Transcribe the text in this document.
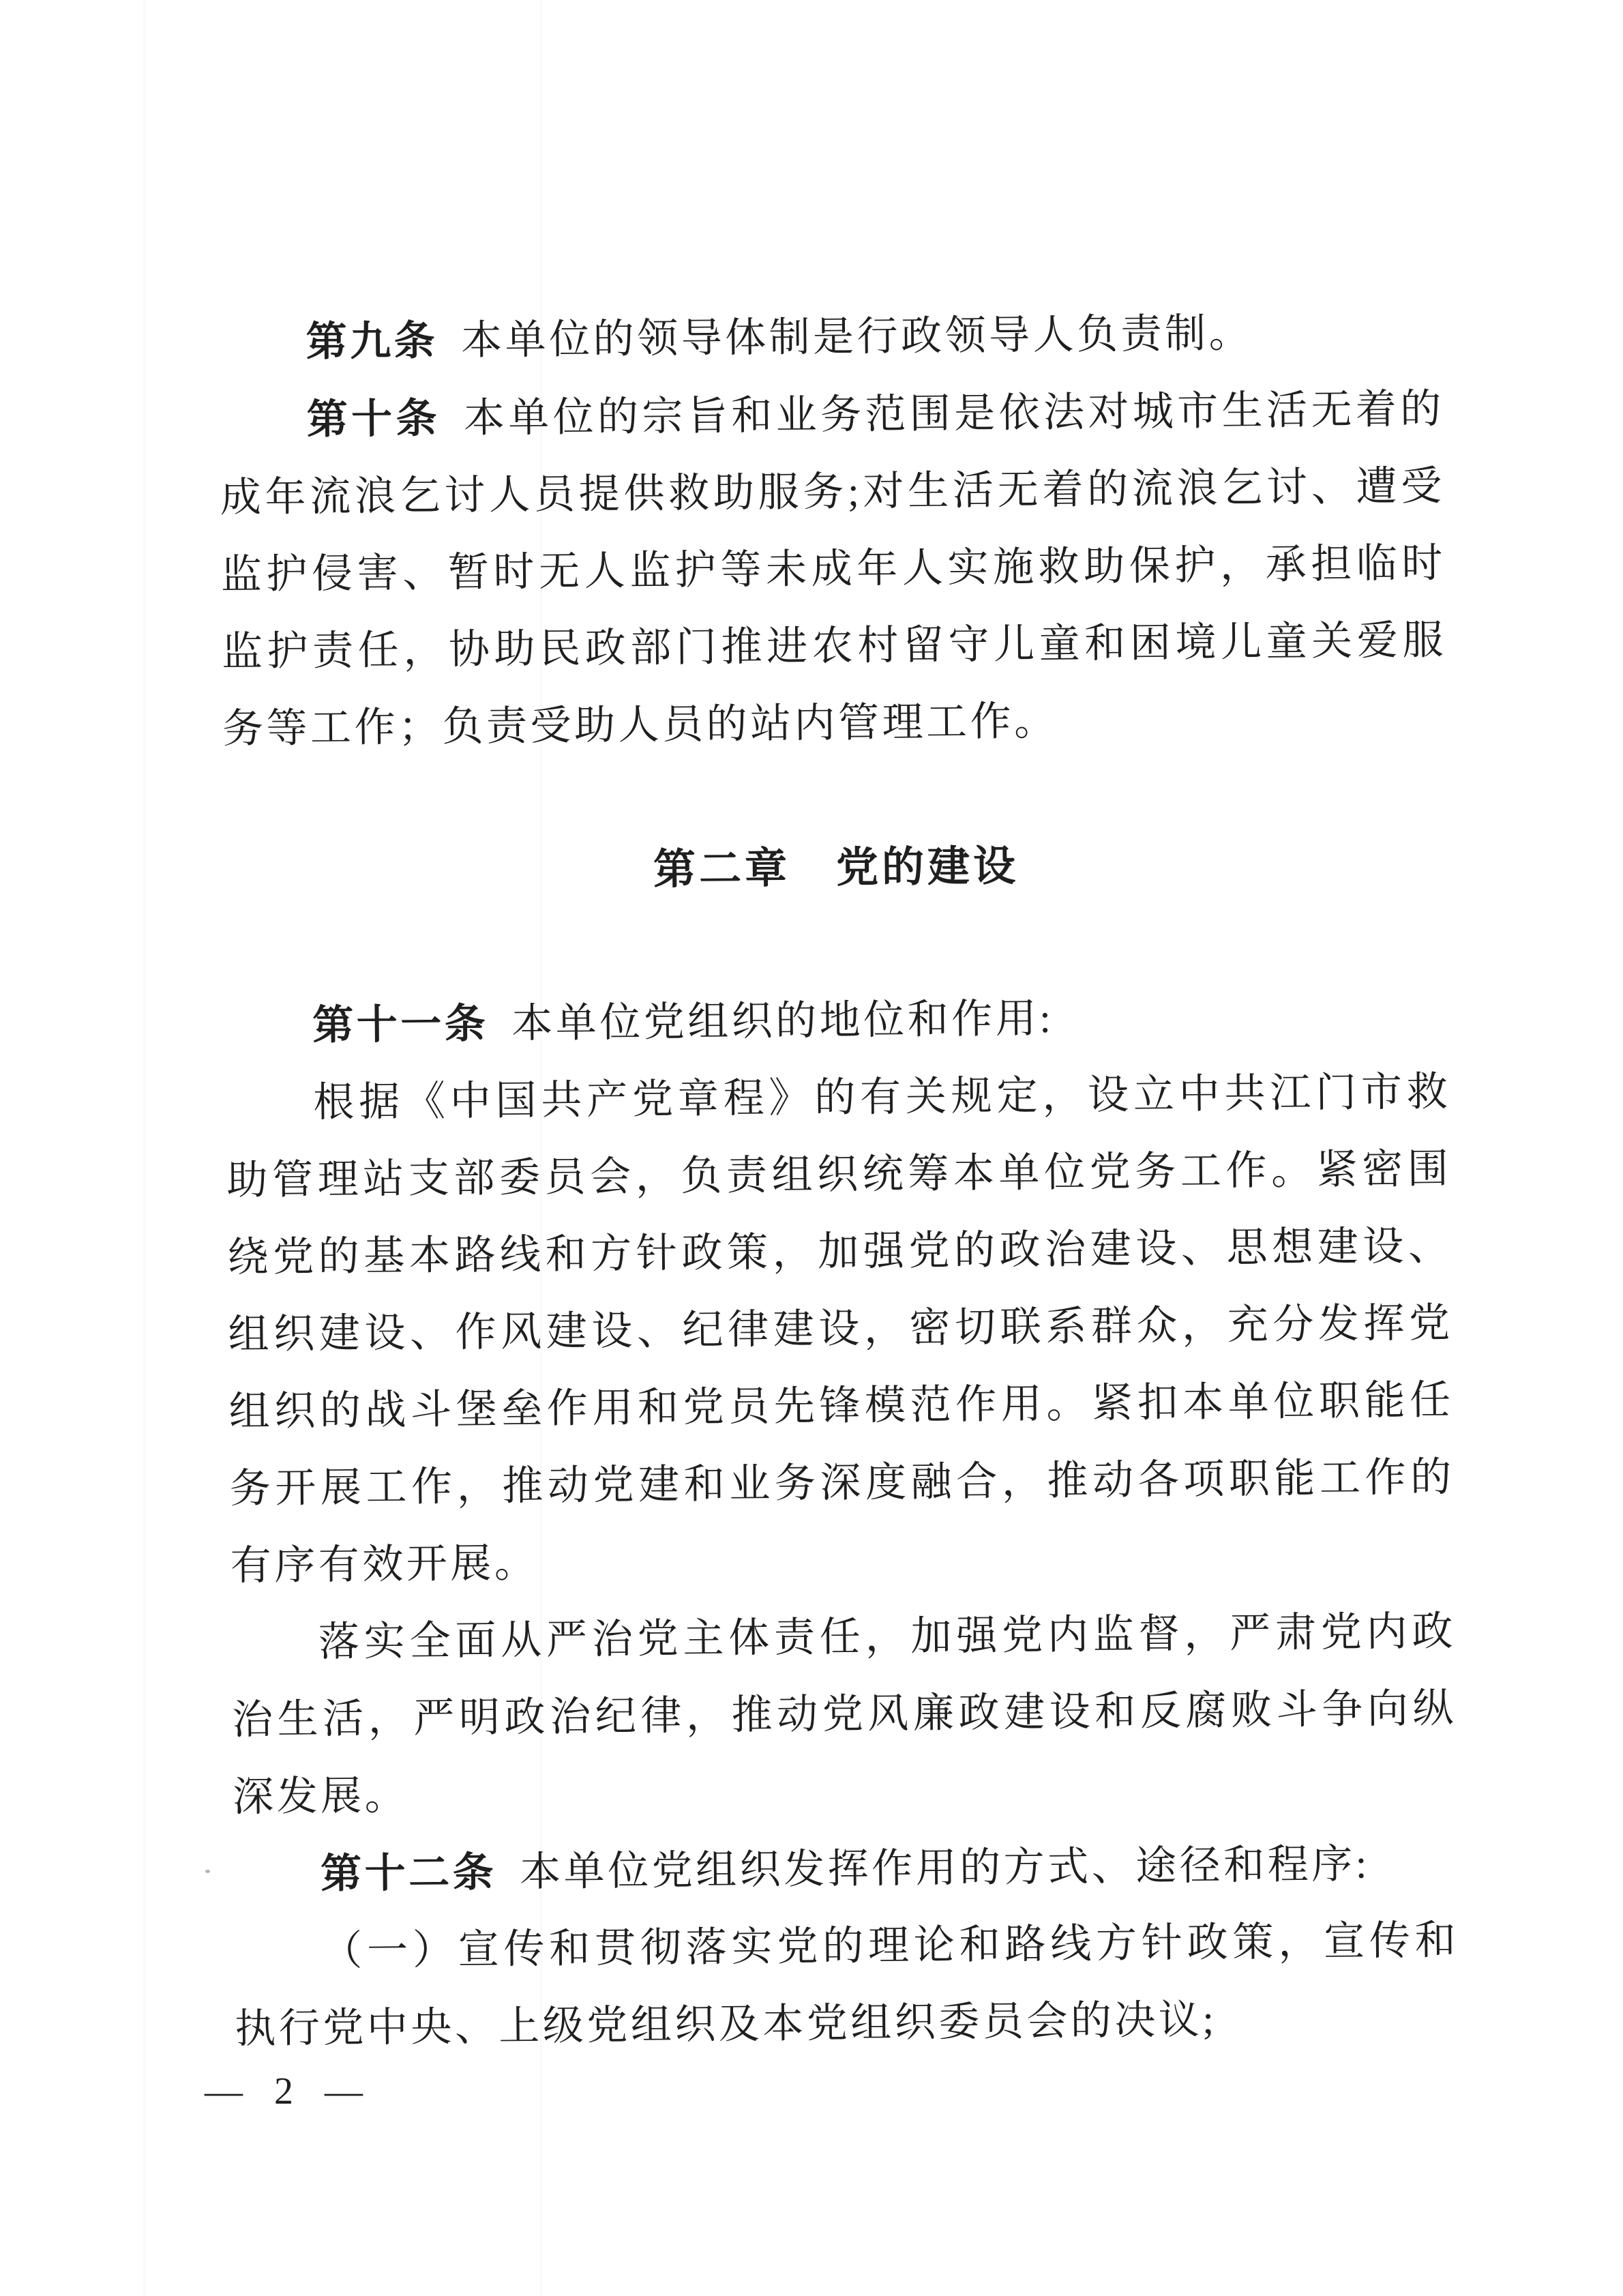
第九条 本单位的领导体制是行政领导人负责制。

第十条 本单位的宗旨和业务范围是依法对城市生活无着的成年流浪乞讨人员提供救助服务;对生活无着的流浪乞讨、遭受监护侵害、暂时无人监护等未成年人实施救助保护，承担临时监护责任，协助民政部门推进农村留守儿童和困境儿童关爱服务等工作；负责受助人员的站内管理工作。

第二章　党的建设

第十一条 本单位党组织的地位和作用:

根据《中国共产党章程》的有关规定，设立中共江门市救助管理站支部委员会，负责组织统筹本单位党务工作。紧密围绕党的基本路线和方针政策，加强党的政治建设、思想建设、组织建设、作风建设、纪律建设，密切联系群众，充分发挥党组织的战斗堡垒作用和党员先锋模范作用。紧扣本单位职能任务开展工作，推动党建和业务深度融合，推动各项职能工作的有序有效开展。

落实全面从严治党主体责任，加强党内监督，严肃党内政治生活，严明政治纪律，推动党风廉政建设和反腐败斗争向纵深发展。

第十二条 本单位党组织发挥作用的方式、途径和程序:

（一）宣传和贯彻落实党的理论和路线方针政策，宣传和执行党中央、上级党组织及本党组织委员会的决议;

— 2 —
